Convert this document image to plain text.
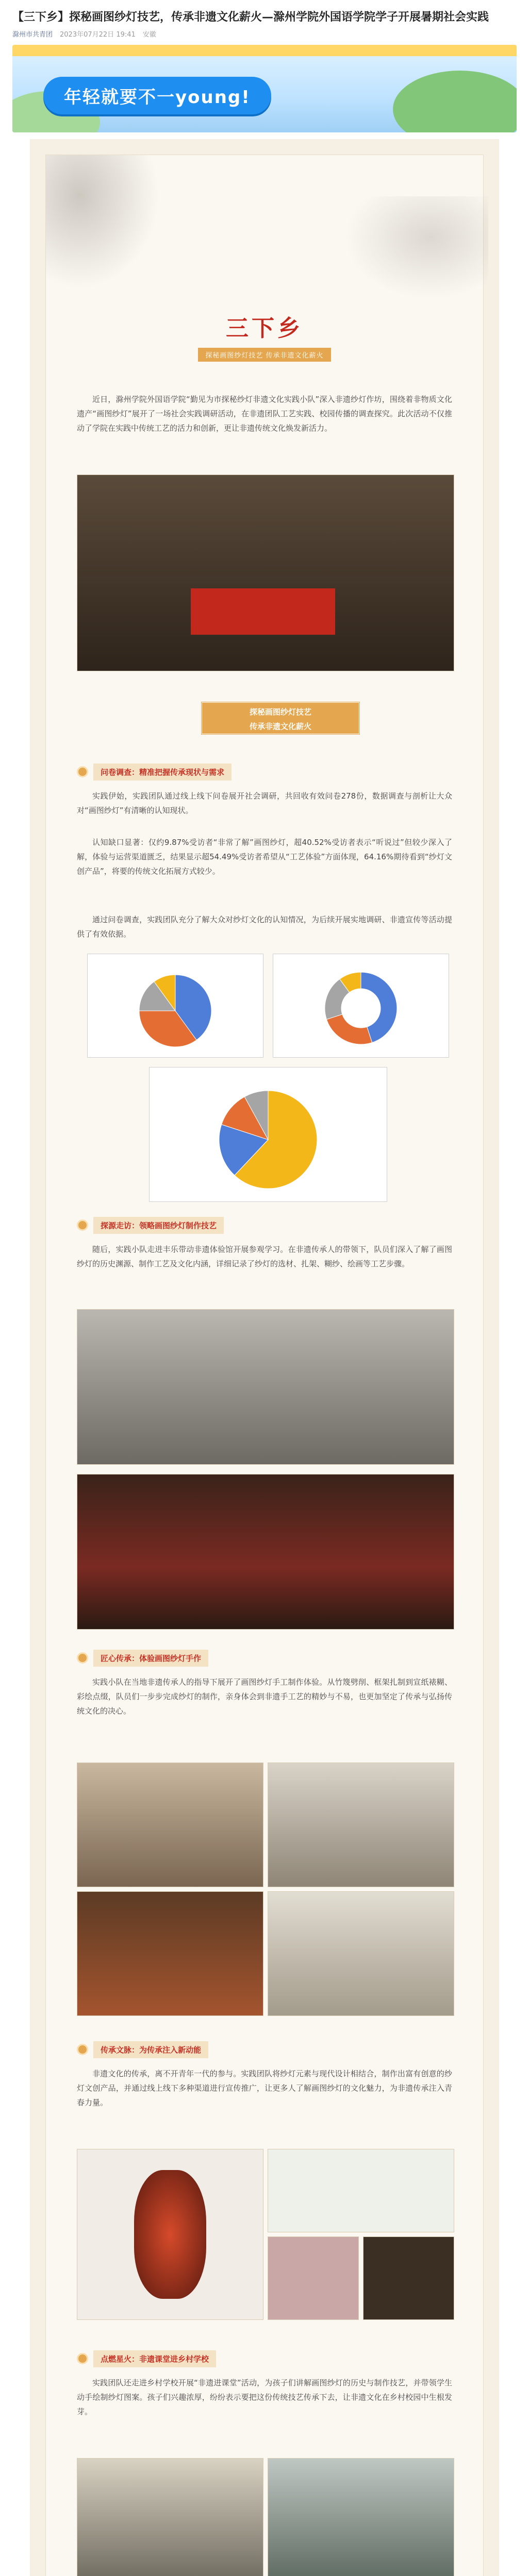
【三下乡】探秘画图纱灯技艺，传承非遗文化薪火—滁州学院外国语学院学子开展暑期社会实践
滁州市共青团 2023年07月22日 19:41 安徽
年轻就要不一young!
三下乡
探秘画图纱灯技艺 传承非遗文化薪火
近日，滁州学院外国语学院“勤见为市探秘纱灯非遗文化实践小队”深入非遗纱灯作坊，围绕着非物质文化遗产“画图纱灯”展开了一场社会实践调研活动，在非遗团队工艺实践、校园传播的调查探究。此次活动不仅推动了学院在实践中传统工艺的活力和创新，更让非遗传统文化焕发新活力。
探秘画图纱灯技艺
传承非遗文化薪火
问卷调查：精准把握传承现状与需求
实践伊始，实践团队通过线上线下问卷展开社会调研，共回收有效问卷278份，数据调查与剖析让大众对“画图纱灯”有清晰的认知现状。
认知缺口显著：仅约9.87%受访者“非常了解”画图纱灯，超40.52%受访者表示“听说过”但较少深入了解，体验与运营渠道匮乏，结果显示超54.49%受访者希望从“工艺体验”方面体现，64.16%期待看到“纱灯文创产品”，将要的传统文化拓展方式较少。
通过问卷调查，实践团队充分了解大众对纱灯文化的认知情况，为后续开展实地调研、非遗宣传等活动提供了有效依据。
探源走访：领略画图纱灯制作技艺
随后，实践小队走进丰乐带动非遗体验馆开展参观学习。在非遗传承人的带领下，队员们深入了解了画图纱灯的历史渊源、制作工艺及文化内涵，详细记录了纱灯的选材、扎架、糊纱、绘画等工艺步骤。
匠心传承：体验画图纱灯手作
实践小队在当地非遗传承人的指导下展开了画图纱灯手工制作体验。从竹篾劈削、框架扎制到宣纸裱糊、彩绘点缀，队员们一步步完成纱灯的制作，亲身体会到非遗手工艺的精妙与不易，也更加坚定了传承与弘扬传统文化的决心。
传承文脉：为传承注入新动能
非遗文化的传承，离不开青年一代的参与。实践团队将纱灯元素与现代设计相结合，制作出富有创意的纱灯文创产品，并通过线上线下多种渠道进行宣传推广，让更多人了解画图纱灯的文化魅力，为非遗传承注入青春力量。
点燃星火：非遗课堂进乡村学校
实践团队还走进乡村学校开展“非遗进课堂”活动，为孩子们讲解画图纱灯的历史与制作技艺，并带领学生动手绘制纱灯图案。孩子们兴趣浓厚，纷纷表示要把这份传统技艺传承下去，让非遗文化在乡村校园中生根发芽。
